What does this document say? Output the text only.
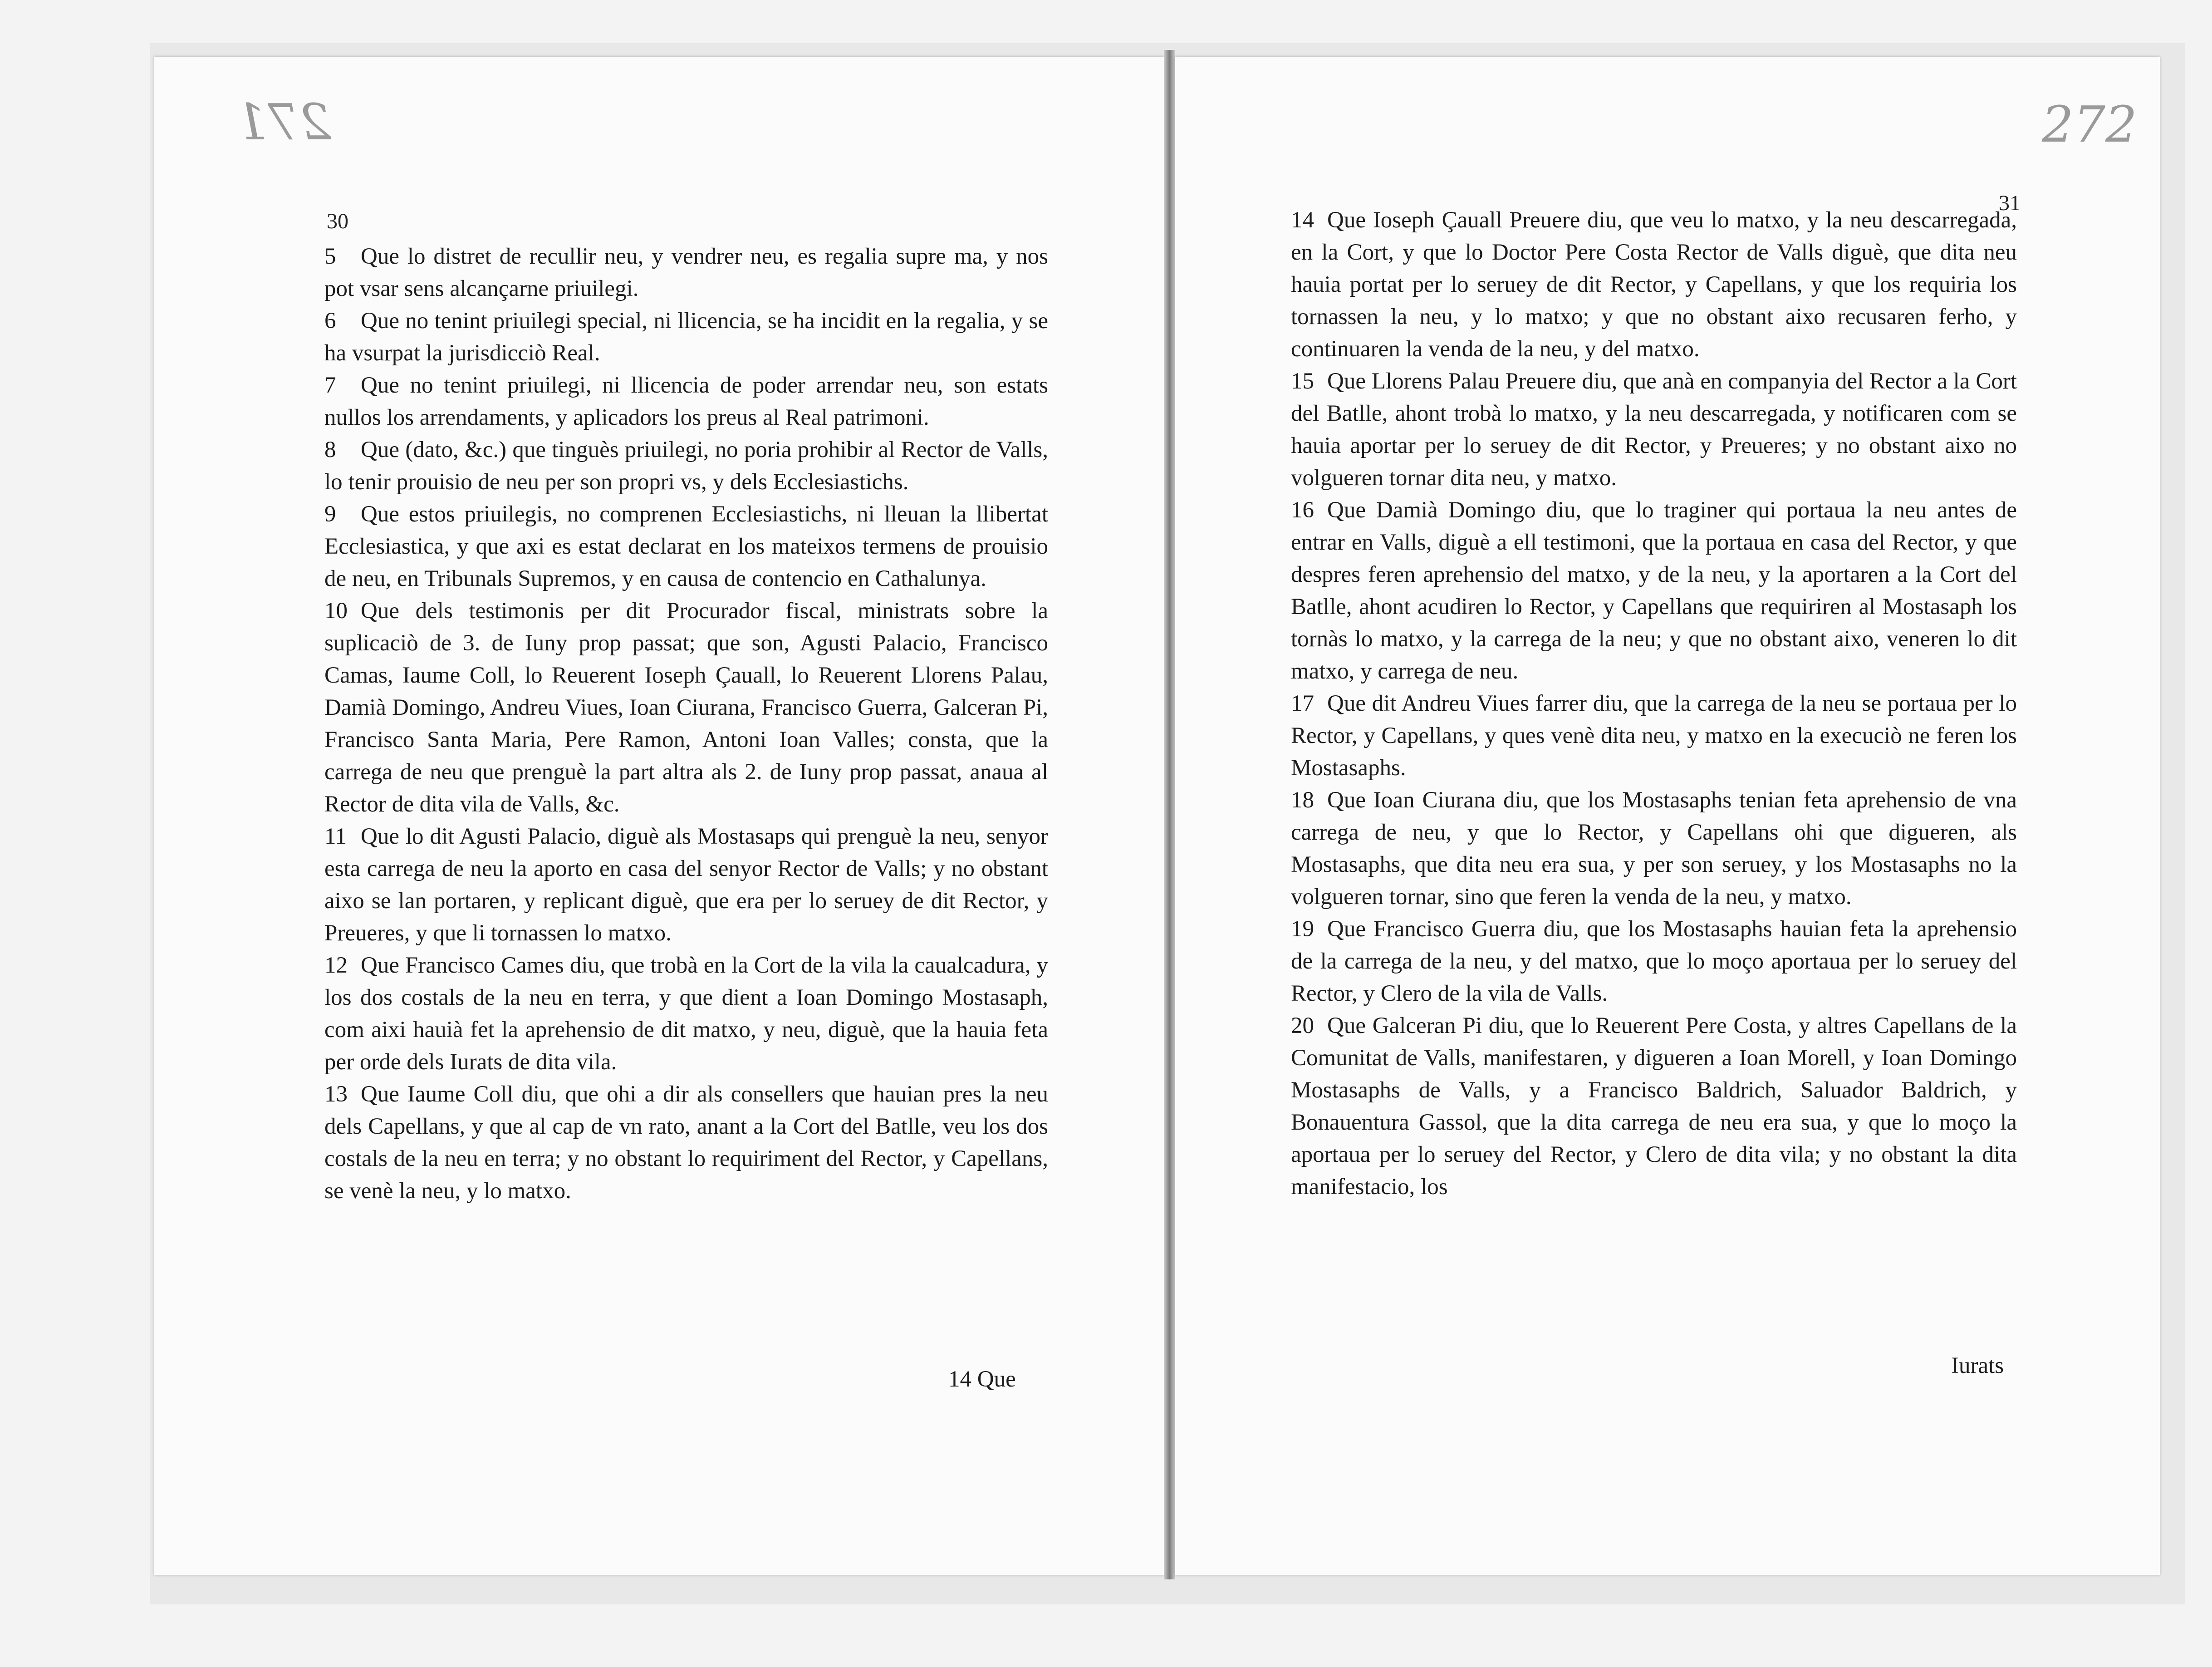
271	272
30
31

5 Que lo distret de recullir neu, y vendrer neu, es regalia supre ma, y nos pot vsar sens alcançarne priuilegi.

6 Que no tenint priuilegi special, ni llicencia, se ha incidit en la regalia, y se ha vsurpat la jurisdicciò Real.

7 Que no tenint priuilegi, ni llicencia de poder arrendar neu, son estats nullos los arrendaments, y aplicadors los preus al Real patrimoni.

8 Que (dato, &c.) que tinguès priuilegi, no poria prohibir al Rector de Valls, lo tenir prouisio de neu per son propri vs, y dels Ecclesiastichs.

9 Que estos priuilegis, no comprenen Ecclesiastichs, ni lleuan la llibertat Ecclesiastica, y que axi es estat declarat en los mateixos termens de prouisio de neu, en Tribunals Supremos, y en causa de contencio en Cathalunya.

10 Que dels testimonis per dit Procurador fiscal, ministrats sobre la suplicaciò de 3. de Iuny prop passat; que son, Agusti Palacio, Francisco Camas, Iaume Coll, lo Reuerent Ioseph Çauall, lo Reuerent Llorens Palau, Damià Domingo, Andreu Viues, Ioan Ciurana, Francisco Guerra, Galceran Pi, Francisco Santa Maria, Pere Ramon, Antoni Ioan Valles; consta, que la carrega de neu que prenguè la part altra als 2. de Iuny prop passat, anaua al Rector de dita vila de Valls, &c.

11 Que lo dit Agusti Palacio, diguè als Mostasaps qui prenguè la neu, senyor esta carrega de neu la aporto en casa del senyor Rector de Valls; y no obstant aixo se lan portaren, y replicant diguè, que era per lo seruey de dit Rector, y Preueres, y que li tornassen lo matxo.

12 Que Francisco Cames diu, que trobà en la Cort de la vila la caualcadura, y los dos costals de la neu en terra, y que dient a Ioan Domingo Mostasaph, com aixi hauià fet la aprehensio de dit matxo, y neu, diguè, que la hauia feta per orde dels Iurats de dita vila.

13 Que Iaume Coll diu, que ohi a dir als consellers que hauian pres la neu dels Capellans, y que al cap de vn rato, anant a la Cort del Batlle, veu los dos costals de la neu en terra; y no obstant lo requiriment del Rector, y Capellans, se venè la neu, y lo matxo.

14 Que

14 Que Ioseph Çauall Preuere diu, que veu lo matxo, y la neu descarregada, en la Cort, y que lo Doctor Pere Costa Rector de Valls diguè, que dita neu hauia portat per lo seruey de dit Rector, y Capellans, y que los requiria los tornassen la neu, y lo matxo; y que no obstant aixo recusaren ferho, y continuaren la venda de la neu, y del matxo.

15 Que Llorens Palau Preuere diu, que anà en companyia del Rector a la Cort del Batlle, ahont trobà lo matxo, y la neu descarregada, y notificaren com se hauia aportar per lo seruey de dit Rector, y Preueres; y no obstant aixo no volgueren tornar dita neu, y matxo.

16 Que Damià Domingo diu, que lo traginer qui portaua la neu antes de entrar en Valls, diguè a ell testimoni, que la portaua en casa del Rector, y que despres feren aprehensio del matxo, y de la neu, y la aportaren a la Cort del Batlle, ahont acudiren lo Rector, y Capellans que requiriren al Mostasaph los tornàs lo matxo, y la carrega de la neu; y que no obstant aixo, veneren lo dit matxo, y carrega de neu.

17 Que dit Andreu Viues farrer diu, que la carrega de la neu se portaua per lo Rector, y Capellans, y ques venè dita neu, y matxo en la execuciò ne feren los Mostasaphs.

18 Que Ioan Ciurana diu, que los Mostasaphs tenian feta aprehensio de vna carrega de neu, y que lo Rector, y Capellans ohi que digueren, als Mostasaphs, que dita neu era sua, y per son seruey, y los Mostasaphs no la volgueren tornar, sino que feren la venda de la neu, y matxo.

19 Que Francisco Guerra diu, que los Mostasaphs hauian feta la aprehensio de la carrega de la neu, y del matxo, que lo moço aportaua per lo seruey del Rector, y Clero de la vila de Valls.

20 Que Galceran Pi diu, que lo Reuerent Pere Costa, y altres Capellans de la Comunitat de Valls, manifestaren, y digueren a Ioan Morell, y Ioan Domingo Mostasaphs de Valls, y a Francisco Baldrich, Saluador Baldrich, y Bonauentura Gassol, que la dita carrega de neu era sua, y que lo moço la aportaua per lo seruey del Rector, y Clero de dita vila; y no obstant la dita manifestacio, los

Iurats
